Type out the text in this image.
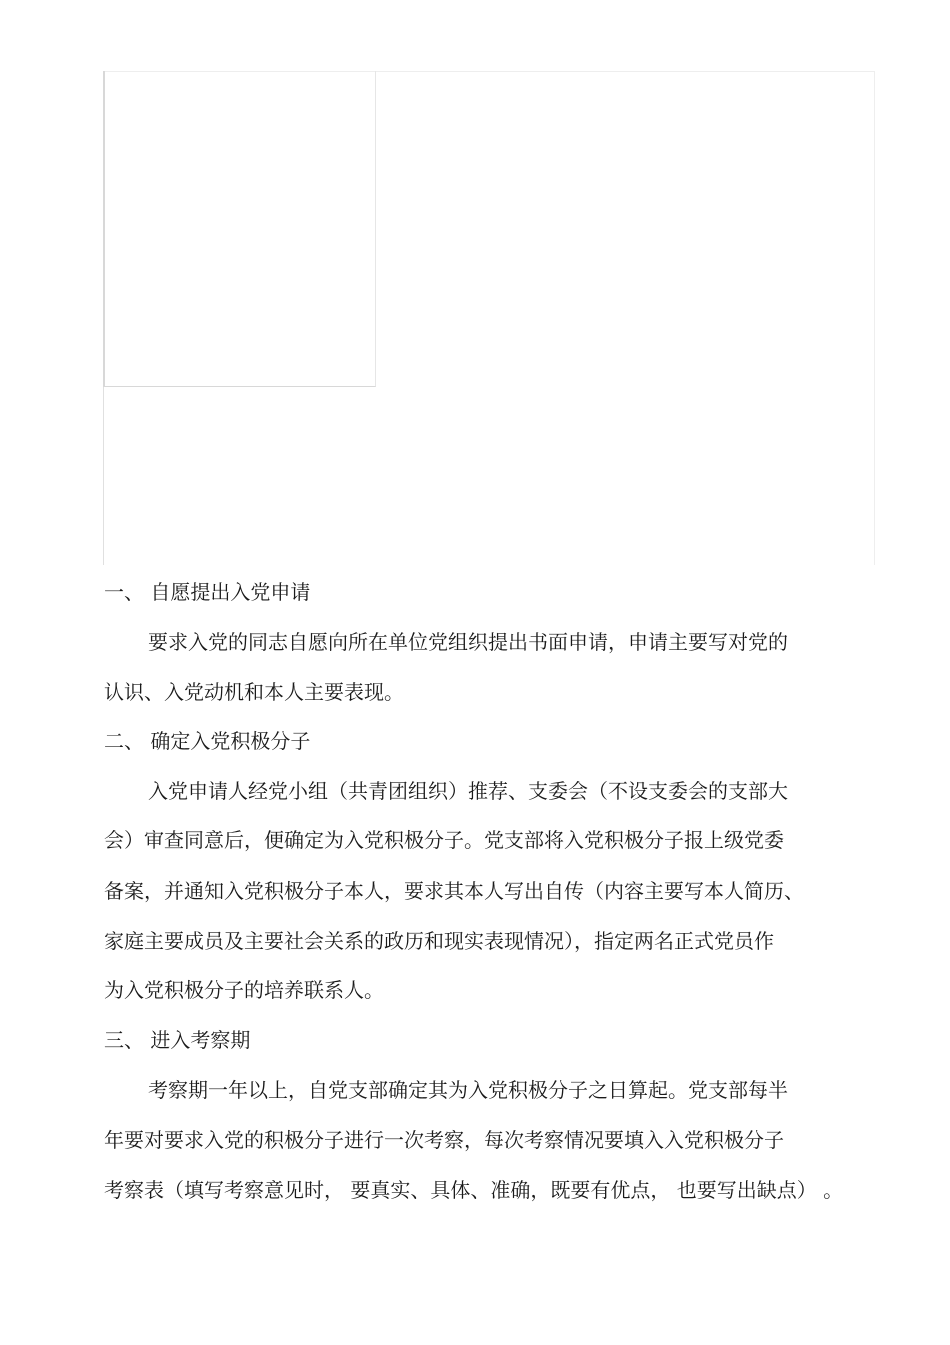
一、 自愿提出入党申请
要求入党的同志自愿向所在单位党组织提出书面申请，申请主要写对党的
认识、入党动机和本人主要表现。
二、 确定入党积极分子
入党申请人经党小组（共青团组织）推荐、支委会（不设支委会的支部大
会）审查同意后，便确定为入党积极分子。党支部将入党积极分子报上级党委
备案，并通知入党积极分子本人，要求其本人写出自传（内容主要写本人简历、
家庭主要成员及主要社会关系的政历和现实表现情况），指定两名正式党员作
为入党积极分子的培养联系人。
三、 进入考察期
考察期一年以上，自党支部确定其为入党积极分子之日算起。党支部每半
年要对要求入党的积极分子进行一次考察，每次考察情况要填入入党积极分子
考察表（填写考察意见时， 要真实、具体、准确，既要有优点， 也要写出缺点） 。
